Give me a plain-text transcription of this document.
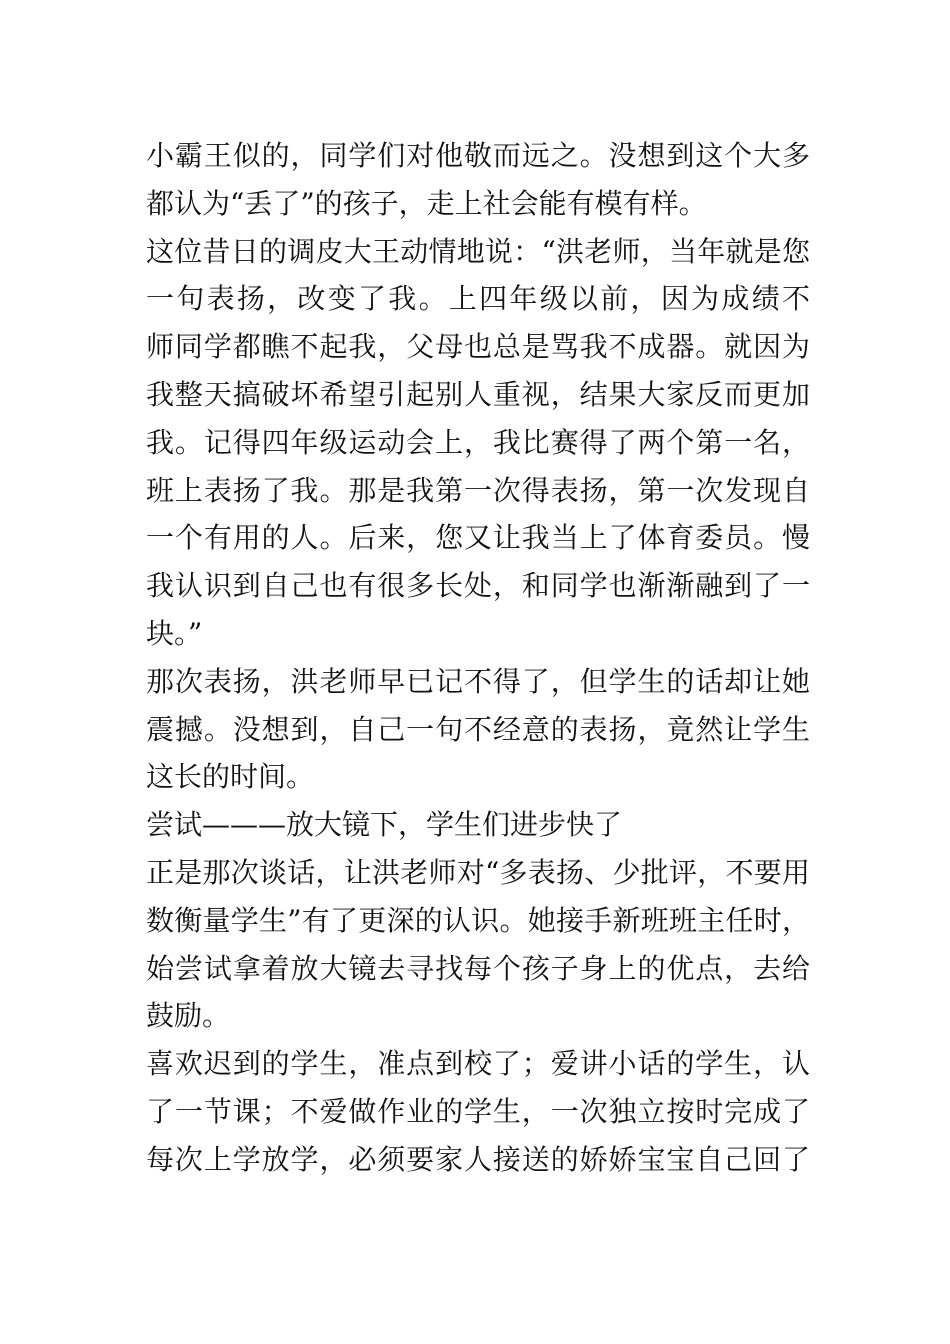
小霸王似的，同学们对他敬而远之。没想到这个大多
都认为“丢了”的孩子，走上社会能有模有样。
这位昔日的调皮大王动情地说：“洪老师，当年就是您
一句表扬，改变了我。上四年级以前，因为成绩不
师同学都瞧不起我，父母也总是骂我不成器。就因为
我整天搞破坏希望引起别人重视，结果大家反而更加
我。记得四年级运动会上，我比赛得了两个第一名，
班上表扬了我。那是我第一次得表扬，第一次发现自
一个有用的人。后来，您又让我当上了体育委员。慢
我认识到自己也有很多长处，和同学也渐渐融到了一
块。”
那次表扬，洪老师早已记不得了，但学生的话却让她
震撼。没想到，自己一句不经意的表扬，竟然让学生
这长的时间。
尝试———放大镜下，学生们进步快了
正是那次谈话，让洪老师对“多表扬、少批评，不要用
数衡量学生”有了更深的认识。她接手新班班主任时，
始尝试拿着放大镜去寻找每个孩子身上的优点，去给
鼓励。
喜欢迟到的学生，准点到校了；爱讲小话的学生，认
了一节课；不爱做作业的学生，一次独立按时完成了
每次上学放学，必须要家人接送的娇娇宝宝自己回了
